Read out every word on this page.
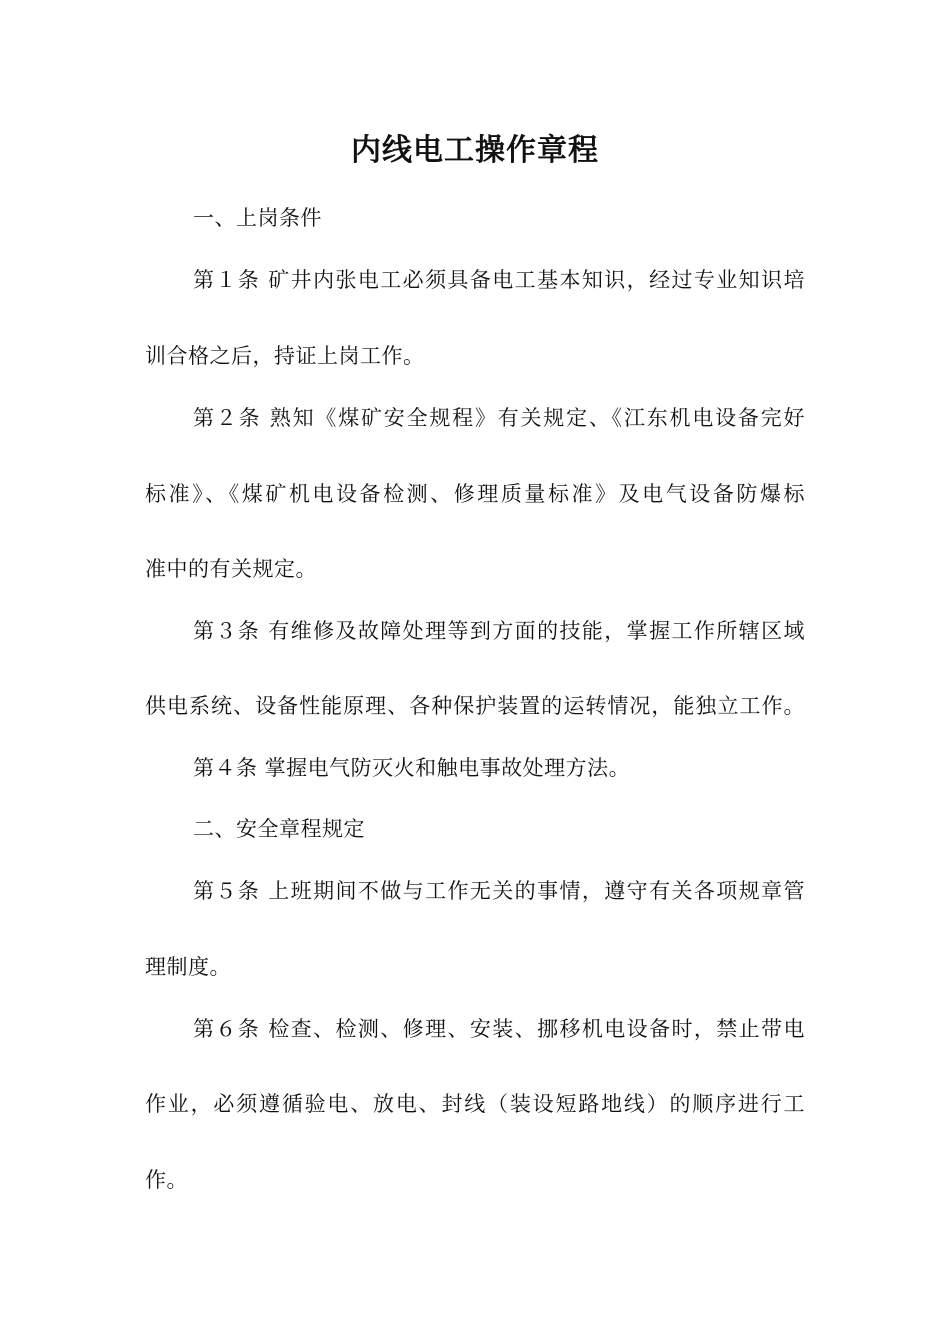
内线电工操作章程
一、上岗条件
第１条 矿井内张电工必须具备电工基本知识，经过专业知识培
训合格之后，持证上岗工作。
第２条 熟知《煤矿安全规程》有关规定、《江东机电设备完好
标准》、《煤矿机电设备检测、修理质量标准》及电气设备防爆标
准中的有关规定。
第３条 有维修及故障处理等到方面的技能，掌握工作所辖区域
供电系统、设备性能原理、各种保护装置的运转情况，能独立工作。
第４条 掌握电气防灭火和触电事故处理方法。
二、安全章程规定
第５条 上班期间不做与工作无关的事情，遵守有关各项规章管
理制度。
第６条 检查、检测、修理、安装、挪移机电设备时，禁止带电
作业，必须遵循验电、放电、封线（装设短路地线）的顺序进行工
作。
